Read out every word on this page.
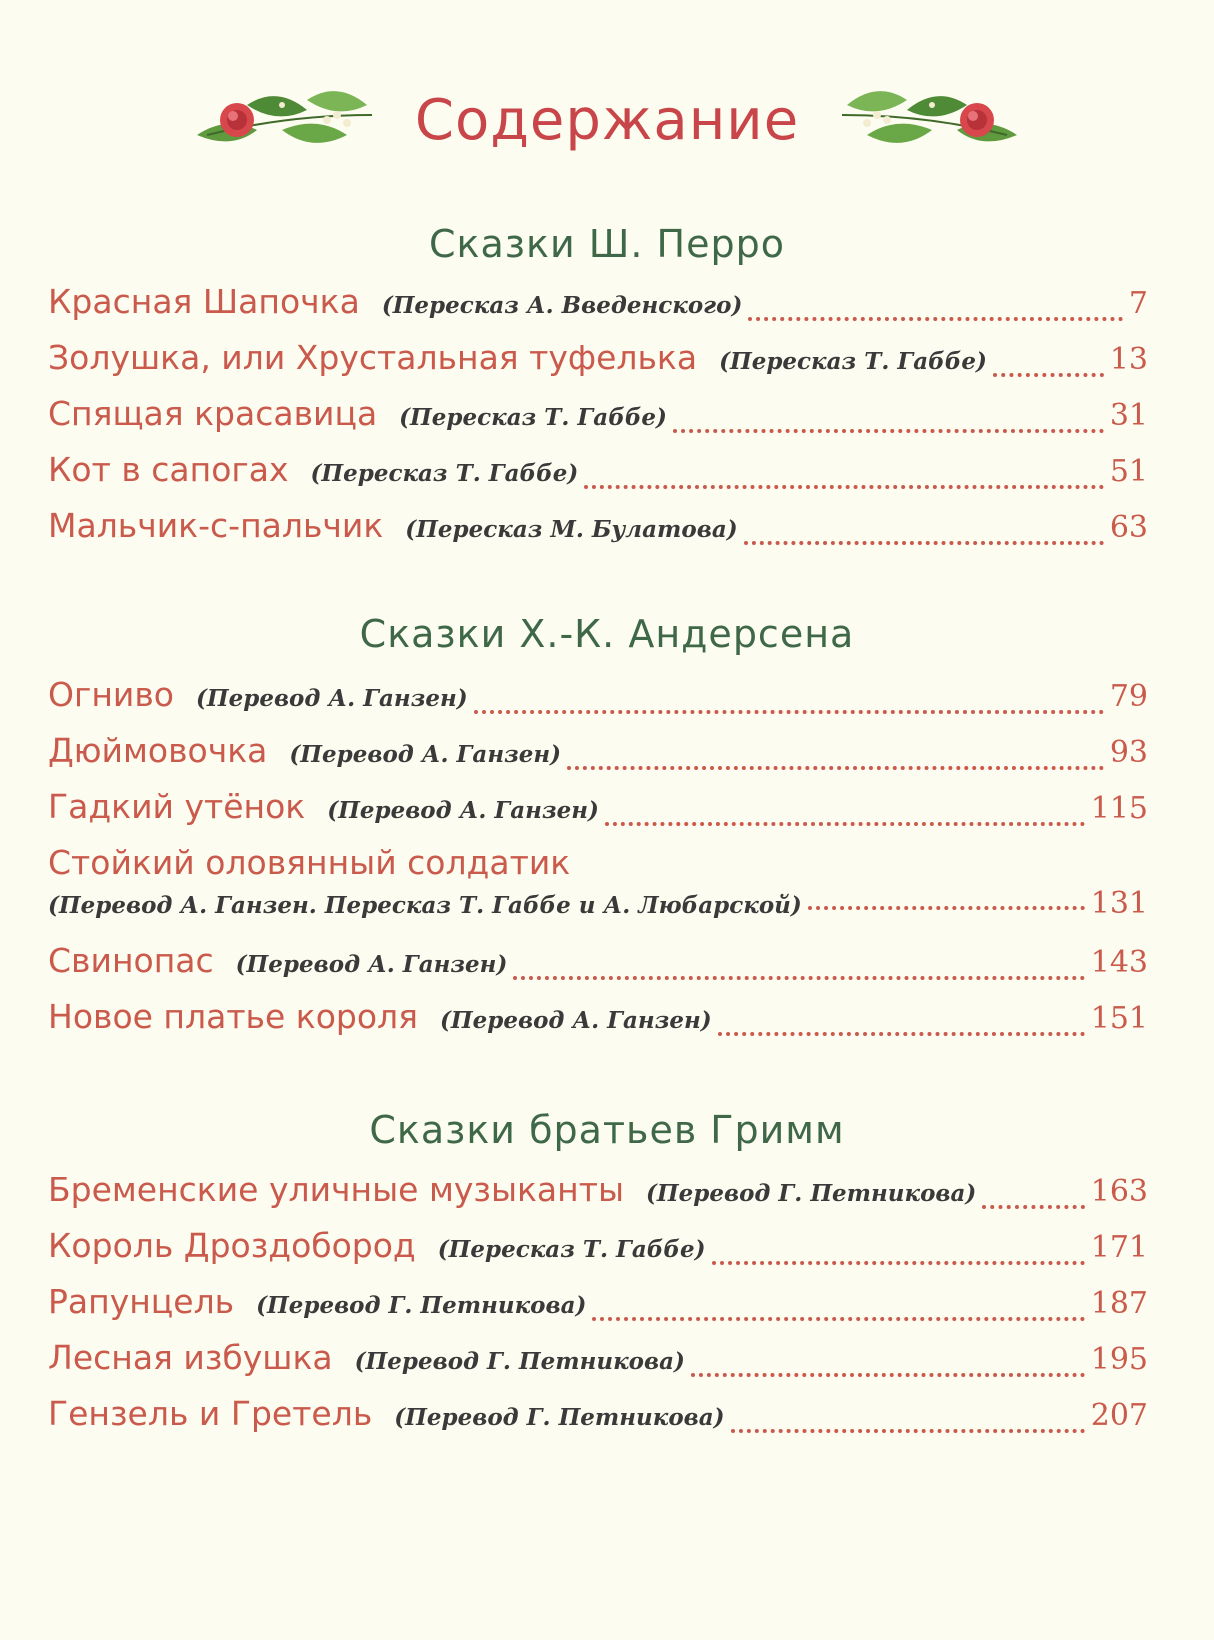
Содержание
Сказки Ш. Перро
Красная Шапочка (Пересказ А. Введенского)	7
Золушка, или Хрустальная туфелька (Пересказ Т. Габбе)	13
Спящая красавица (Пересказ Т. Габбе)	31
Кот в сапогах (Пересказ Т. Габбе)	51
Мальчик-с-пальчик (Пересказ М. Булатова)	63
Сказки Х.-К. Андерсена
Огниво (Перевод А. Ганзен)	79
Дюймовочка (Перевод А. Ганзен)	93
Гадкий утёнок (Перевод А. Ганзен)	115
Стойкий оловянный солдатик
(Перевод А. Ганзен. Пересказ Т. Габбе и А. Любарской)	131
Свинопас (Перевод А. Ганзен)	143
Новое платье короля (Перевод А. Ганзен)	151
Сказки братьев Гримм
Бременские уличные музыканты (Перевод Г. Петникова)	163
Король Дроздобород (Пересказ Т. Габбе)	171
Рапунцель (Перевод Г. Петникова)	187
Лесная избушка (Перевод Г. Петникова)	195
Гензель и Гретель (Перевод Г. Петникова)	207
